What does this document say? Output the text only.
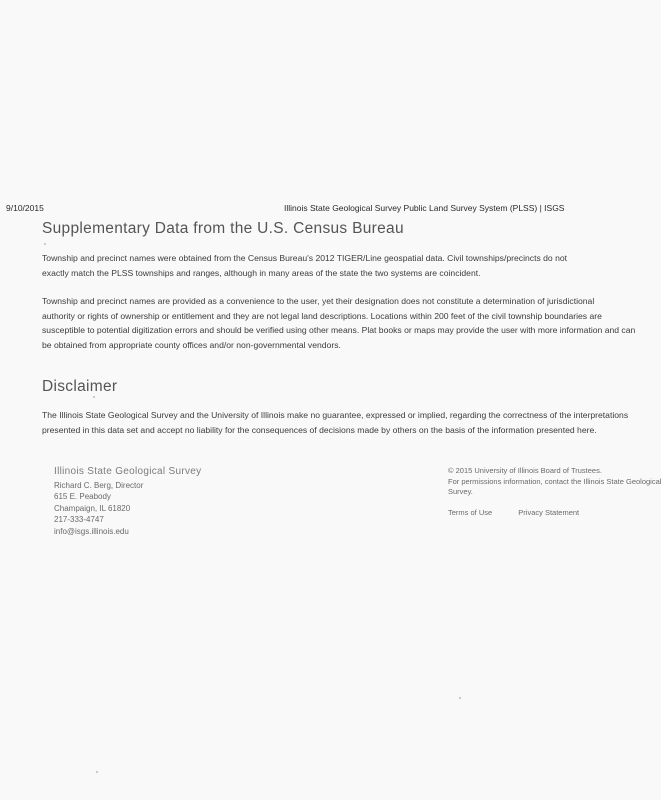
9/10/2015	Illinois State Geological Survey Public Land Survey System (PLSS) | ISGS
Supplementary Data from the U.S. Census Bureau

Township and precinct names were obtained from the Census Bureau's 2012 TIGER/Line geospatial data. Civil townships/precincts do not
exactly match the PLSS townships and ranges, although in many areas of the state the two systems are coincident.

Township and precinct names are provided as a convenience to the user, yet their designation does not constitute a determination of jurisdictional
authority or rights of ownership or entitlement and they are not legal land descriptions. Locations within 200 feet of the civil township boundaries are
susceptible to potential digitization errors and should be verified using other means. Plat books or maps may provide the user with more information and can
be obtained from appropriate county offices and/or non-governmental vendors.

Disclaimer

The Illinois State Geological Survey and the University of Illinois make no guarantee, expressed or implied, regarding the correctness of the interpretations
presented in this data set and accept no liability for the consequences of decisions made by others on the basis of the information presented here.

Illinois State Geological Survey
Richard C. Berg, Director
615 E. Peabody
Champaign, IL 61820
217-333-4747
info@isgs.illinois.edu
© 2015 University of Illinois Board of Trustees.
For permissions information, contact the Illinois State Geological
Survey.
Terms of Use	Privacy Statement
